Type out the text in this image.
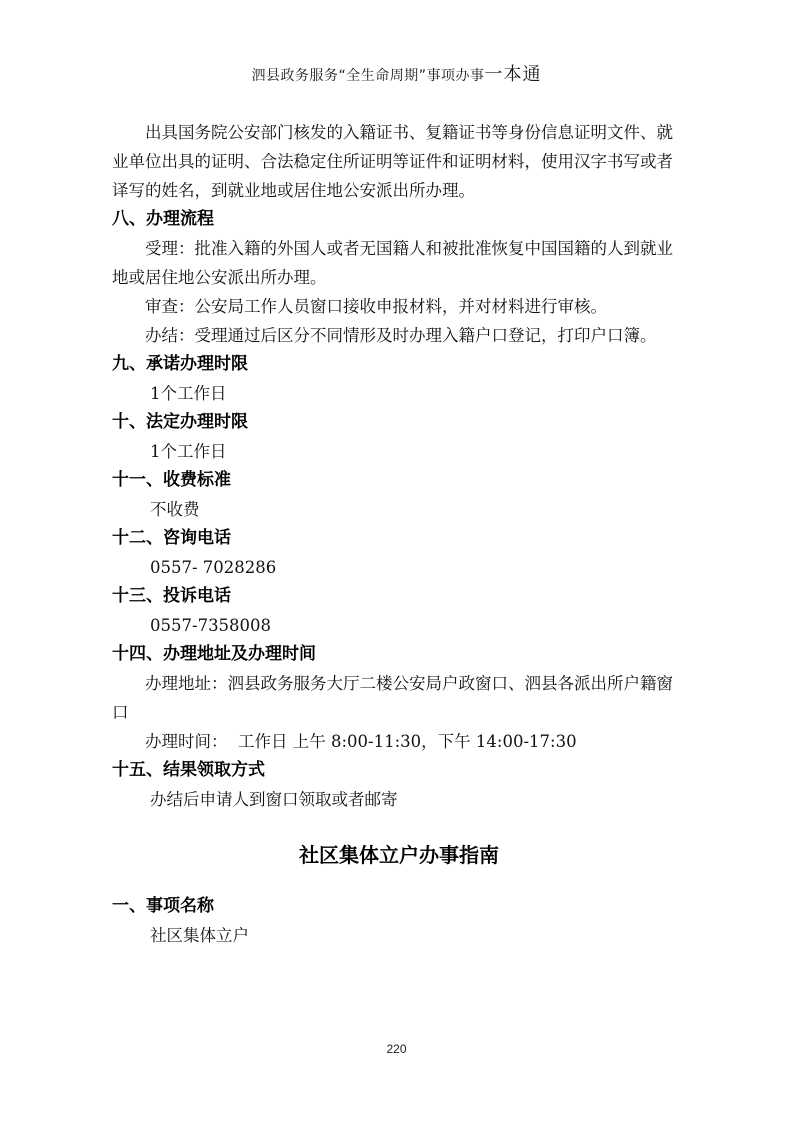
泗县政务服务“全生命周期”事项办事一本通

出具国务院公安部门核发的入籍证书、复籍证书等身份信息证明文件、就业单位出具的证明、合法稳定住所证明等证件和证明材料，使用汉字书写或者译写的姓名，到就业地或居住地公安派出所办理。

八、办理流程

受理：批准入籍的外国人或者无国籍人和被批准恢复中国国籍的人到就业地或居住地公安派出所办理。

审查：公安局工作人员窗口接收申报材料，并对材料进行审核。

办结：受理通过后区分不同情形及时办理入籍户口登记，打印户口簿。

九、承诺办理时限

1个工作日

十、法定办理时限

1个工作日

十一、收费标准

不收费

十二、咨询电话

0557- 7028286

十三、投诉电话

0557-7358008

十四、办理地址及办理时间

办理地址：泗县政务服务大厅二楼公安局户政窗口、泗县各派出所户籍窗口

办理时间：  工作日 上午 8:00-11:30，下午 14:00-17:30

十五、结果领取方式

办结后申请人到窗口领取或者邮寄

社区集体立户办事指南

一、事项名称

社区集体立户

220
